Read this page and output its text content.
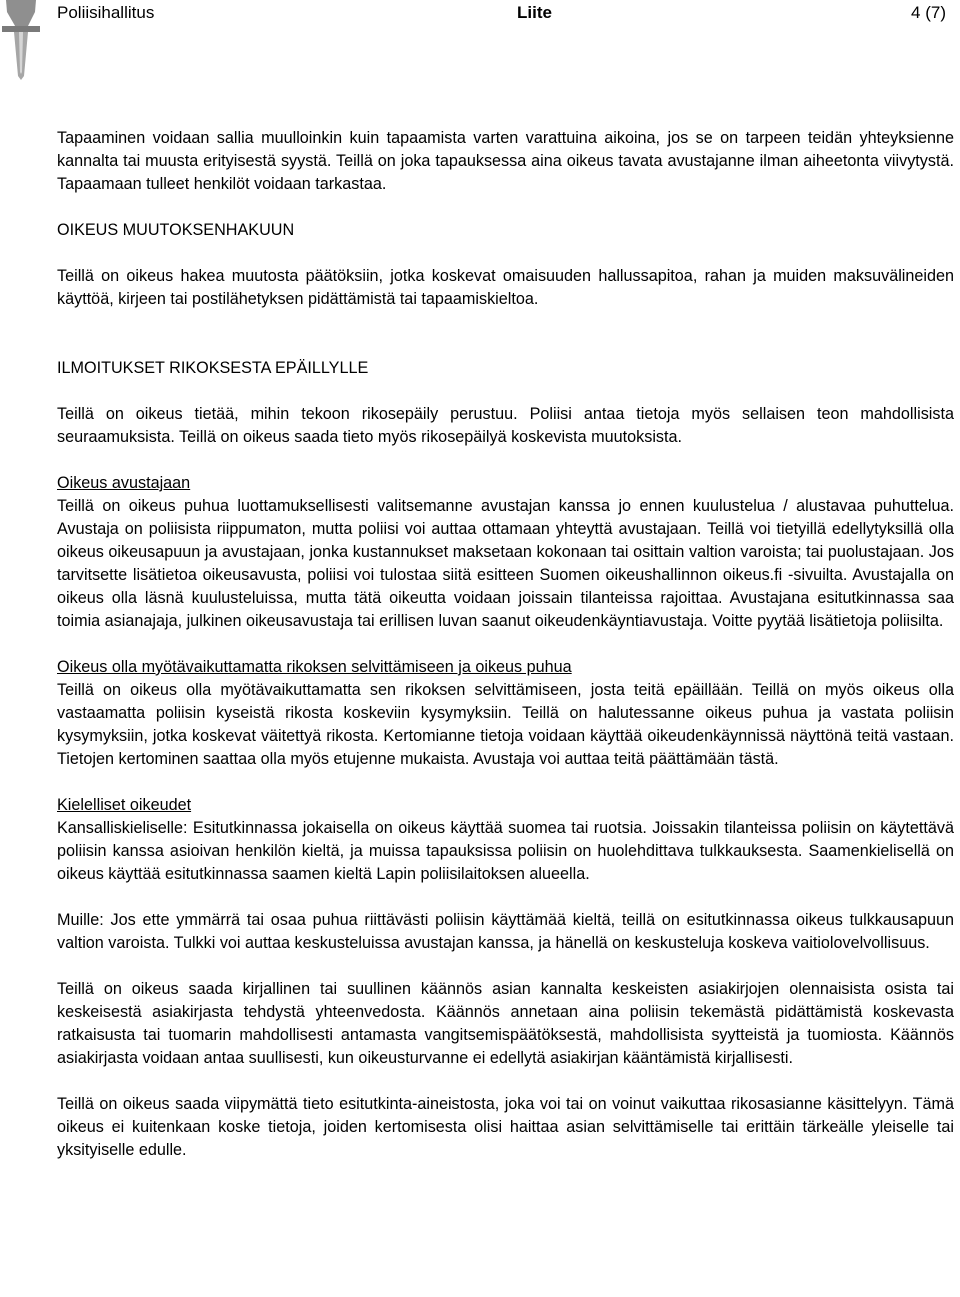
Poliisihallitus	Liite	4 (7)

Tapaaminen voidaan sallia muulloinkin kuin tapaamista varten varattuina aikoina, jos se on tarpeen teidän yhteyksienne kannalta tai muusta erityisestä syystä. Teillä on joka tapauksessa aina oikeus tavata avustajanne ilman aiheetonta viivytystä. Tapaamaan tulleet henkilöt voidaan tarkastaa.

OIKEUS MUUTOKSENHAKUUN

Teillä on oikeus hakea muutosta päätöksiin, jotka koskevat omaisuuden hallussapitoa, rahan ja muiden maksuvälineiden käyttöä, kirjeen tai postilähetyksen pidättämistä tai tapaamiskieltoa.

ILMOITUKSET RIKOKSESTA EPÄILLYLLE

Teillä on oikeus tietää, mihin tekoon rikosepäily perustuu. Poliisi antaa tietoja myös sellaisen teon mahdollisista seuraamuksista. Teillä on oikeus saada tieto myös rikosepäilyä koskevista muutoksista.

Oikeus avustajaan

Teillä on oikeus puhua luottamuksellisesti valitsemanne avustajan kanssa jo ennen kuulustelua / alustavaa puhuttelua. Avustaja on poliisista riippumaton, mutta poliisi voi auttaa ottamaan yhteyttä avustajaan. Teillä voi tietyillä edellytyksillä olla oikeus oikeusapuun ja avustajaan, jonka kustannukset maksetaan kokonaan tai osittain valtion varoista; tai puolustajaan. Jos tarvitsette lisätietoa oikeusavusta, poliisi voi tulostaa siitä esitteen Suomen oikeushallinnon oikeus.fi -sivuilta. Avustajalla on oikeus olla läsnä kuulusteluissa, mutta tätä oikeutta voidaan joissain tilanteissa rajoittaa. Avustajana esitutkinnassa saa toimia asianajaja, julkinen oikeusavustaja tai erillisen luvan saanut oikeudenkäyntiavustaja. Voitte pyytää lisätietoja poliisilta.

Oikeus olla myötävaikuttamatta rikoksen selvittämiseen ja oikeus puhua

Teillä on oikeus olla myötävaikuttamatta sen rikoksen selvittämiseen, josta teitä epäillään. Teillä on myös oikeus olla vastaamatta poliisin kyseistä rikosta koskeviin kysymyksiin. Teillä on halutessanne oikeus puhua ja vastata poliisin kysymyksiin, jotka koskevat väitettyä rikosta. Kertomianne tietoja voidaan käyttää oikeudenkäynnissä näyttönä teitä vastaan. Tietojen kertominen saattaa olla myös etujenne mukaista. Avustaja voi auttaa teitä päättämään tästä.

Kielelliset oikeudet

Kansalliskieliselle: Esitutkinnassa jokaisella on oikeus käyttää suomea tai ruotsia. Joissakin tilanteissa poliisin on käytettävä poliisin kanssa asioivan henkilön kieltä, ja muissa tapauksissa poliisin on huolehdittava tulkkauksesta. Saamenkielisellä on oikeus käyttää esitutkinnassa saamen kieltä Lapin poliisilaitoksen alueella.

Muille: Jos ette ymmärrä tai osaa puhua riittävästi poliisin käyttämää kieltä, teillä on esitutkinnassa oikeus tulkkausapuun valtion varoista. Tulkki voi auttaa keskusteluissa avustajan kanssa, ja hänellä on keskusteluja koskeva vaitiolovelvollisuus.

Teillä on oikeus saada kirjallinen tai suullinen käännös asian kannalta keskeisten asiakirjojen olennaisista osista tai keskeisestä asiakirjasta tehdystä yhteenvedosta. Käännös annetaan aina poliisin tekemästä pidättämistä koskevasta ratkaisusta tai tuomarin mahdollisesti antamasta vangitsemispäätöksestä, mahdollisista syytteistä ja tuomiosta. Käännös asiakirjasta voidaan antaa suullisesti, kun oikeusturvanne ei edellytä asiakirjan kääntämistä kirjallisesti.

Teillä on oikeus saada viipymättä tieto esitutkinta-aineistosta, joka voi tai on voinut vaikuttaa rikosasianne käsittelyyn. Tämä oikeus ei kuitenkaan koske tietoja, joiden kertomisesta olisi haittaa asian selvittämiselle tai erittäin tärkeälle yleiselle tai yksityiselle edulle.
